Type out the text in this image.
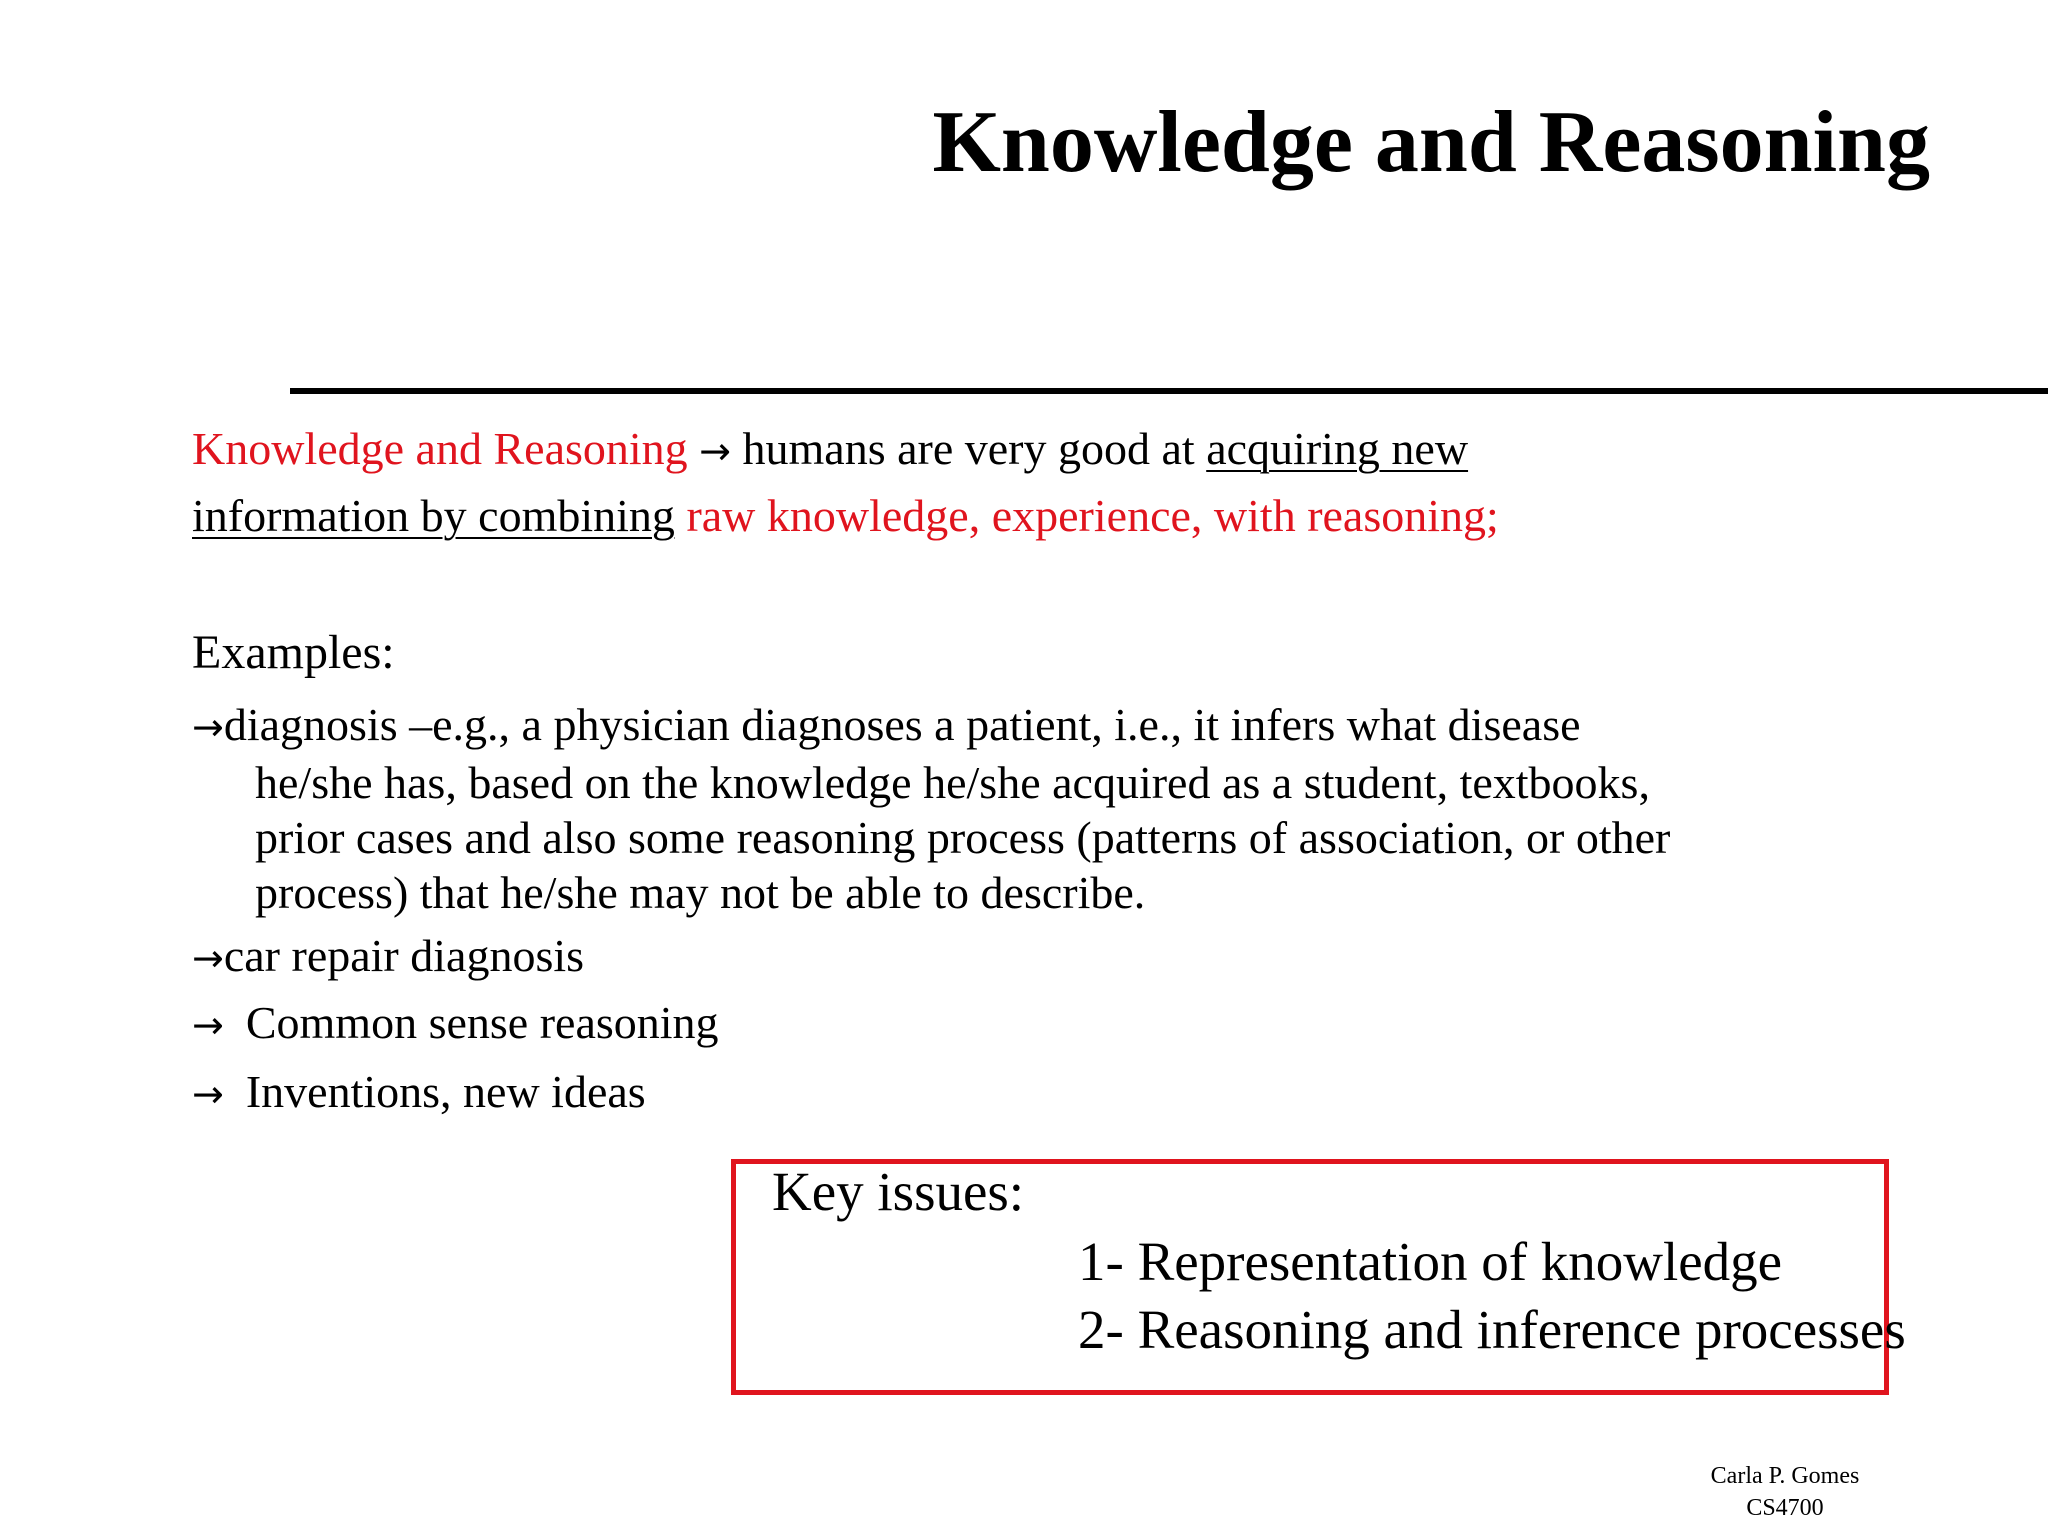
Knowledge and Reasoning
Knowledge and Reasoning → humans are very good at acquiring new
information by combining raw knowledge, experience, with reasoning;
Examples:
→diagnosis –e.g., a physician diagnoses a patient, i.e., it infers what disease
he/she has, based on the knowledge he/she acquired as a student, textbooks,
prior cases and also some reasoning process (patterns of association, or other
process) that he/she may not be able to describe.
→car repair diagnosis
→ Common sense reasoning
→ Inventions, new ideas
Key issues:
1- Representation of knowledge
2- Reasoning and inference processes
Carla P. Gomes
CS4700
